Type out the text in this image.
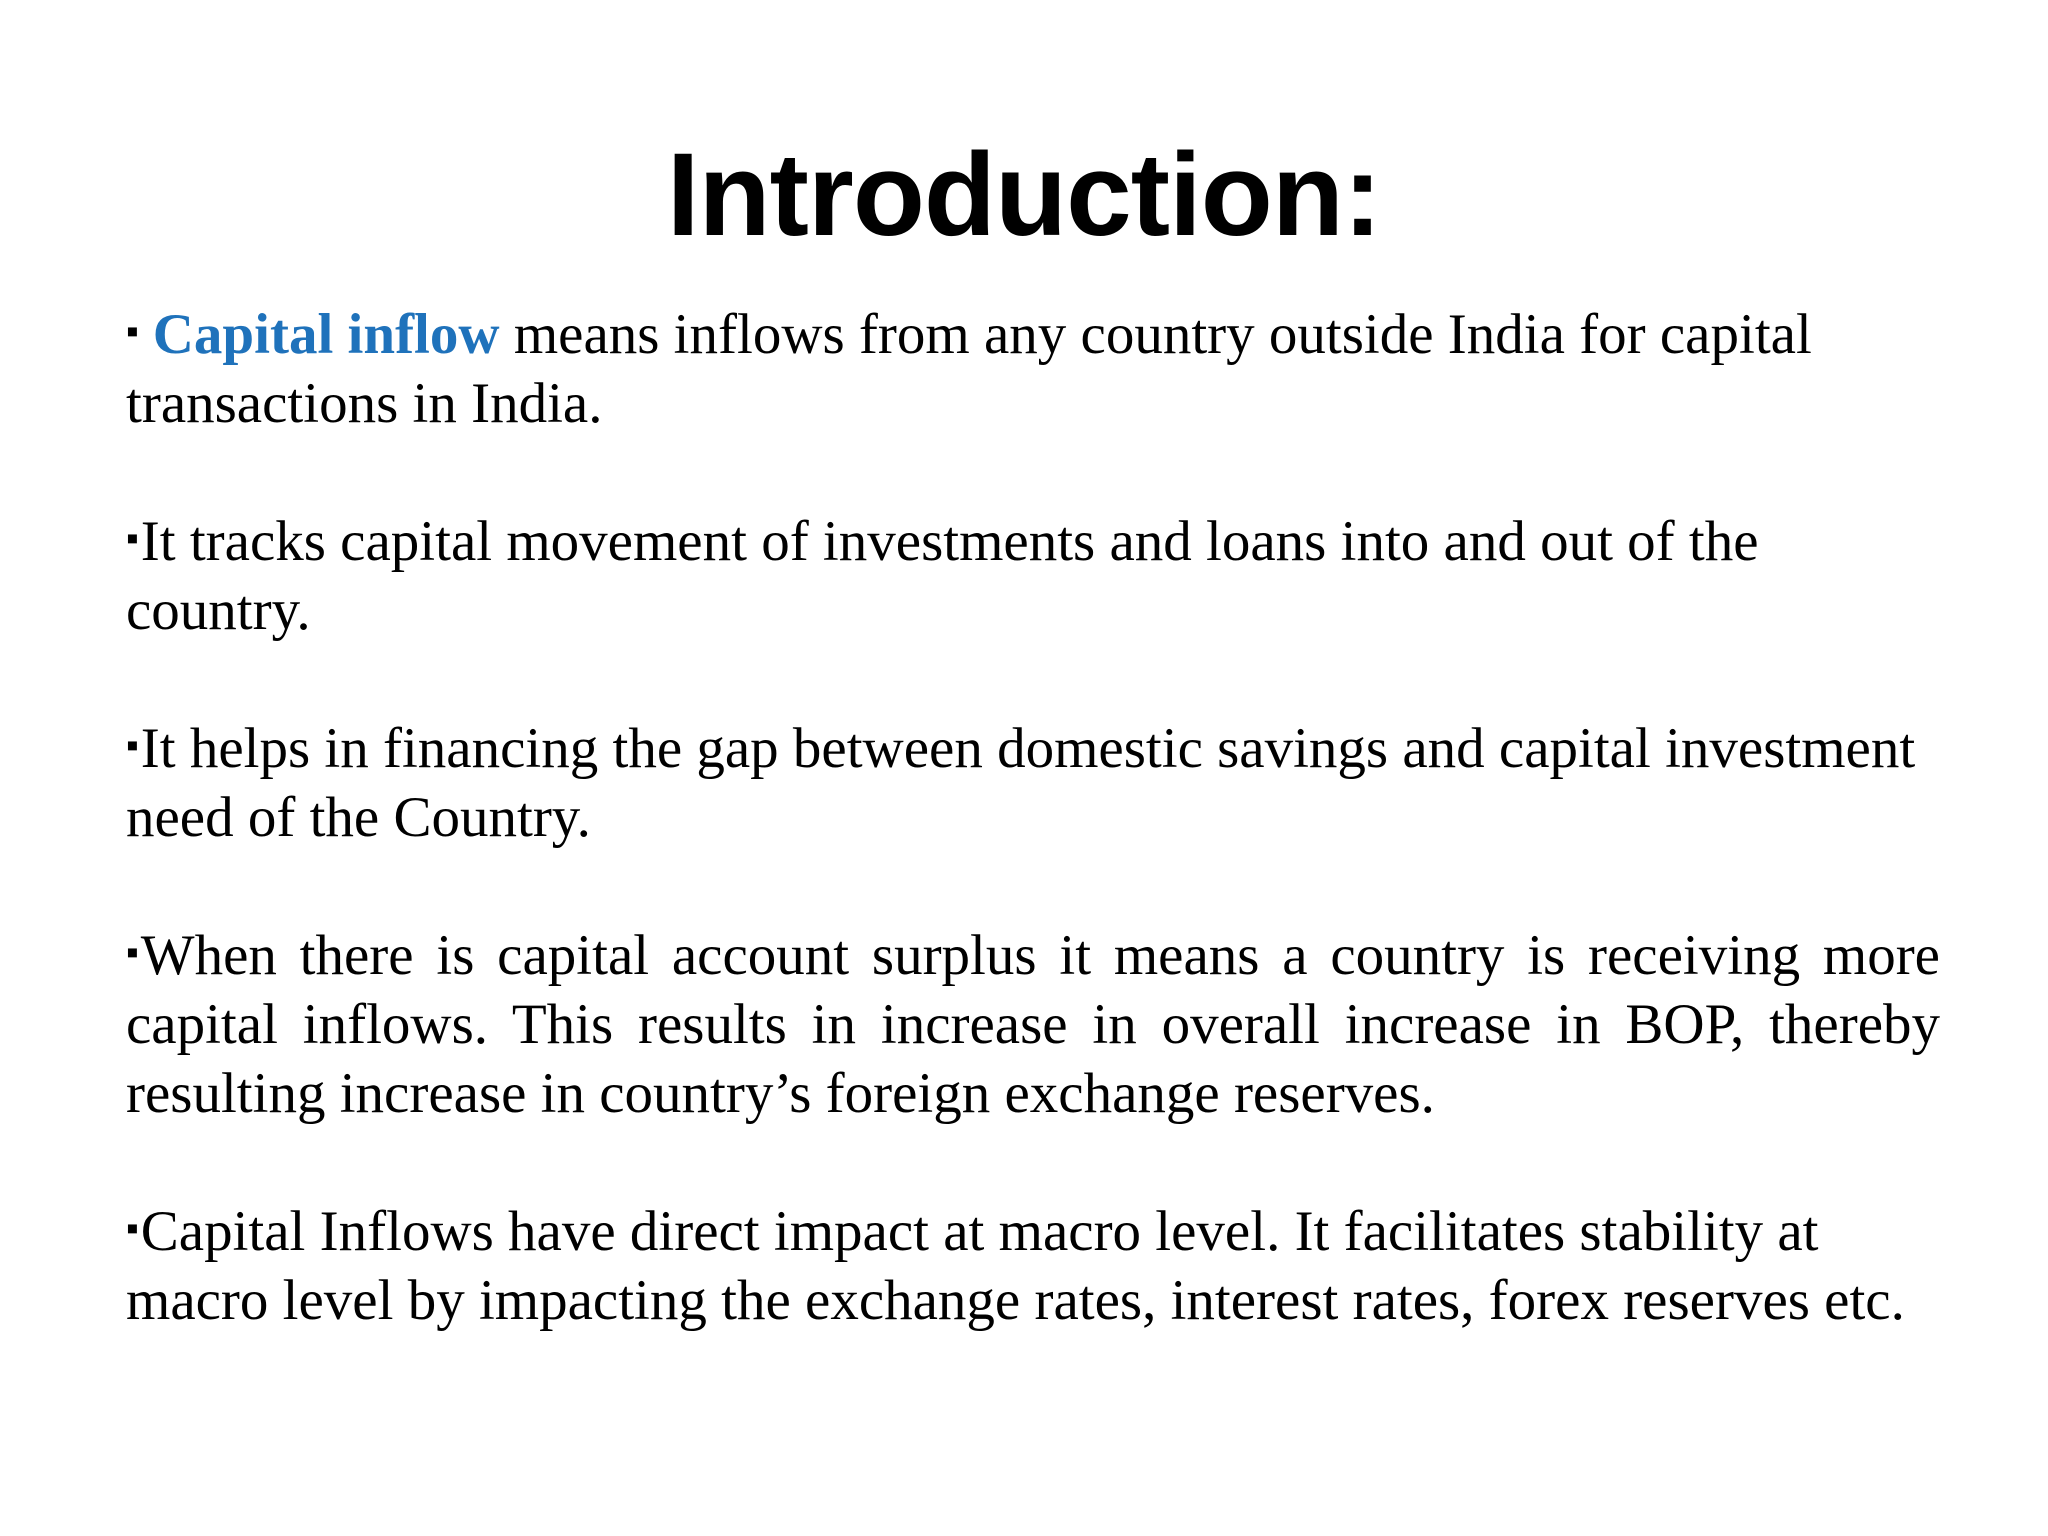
Introduction:

▪ Capital inflow means inflows from any country outside India for capital transactions in India.

▪It tracks capital movement of investments and loans into and out of the country.

▪It helps in financing the gap between domestic savings and capital investment need of the Country.

▪When there is capital account surplus it means a country is receiving more capital inflows. This results in increase in overall increase in BOP, thereby resulting increase in country’s foreign exchange reserves.

▪Capital Inflows have direct impact at macro level. It facilitates stability at macro level by impacting the exchange rates, interest rates, forex reserves etc.
